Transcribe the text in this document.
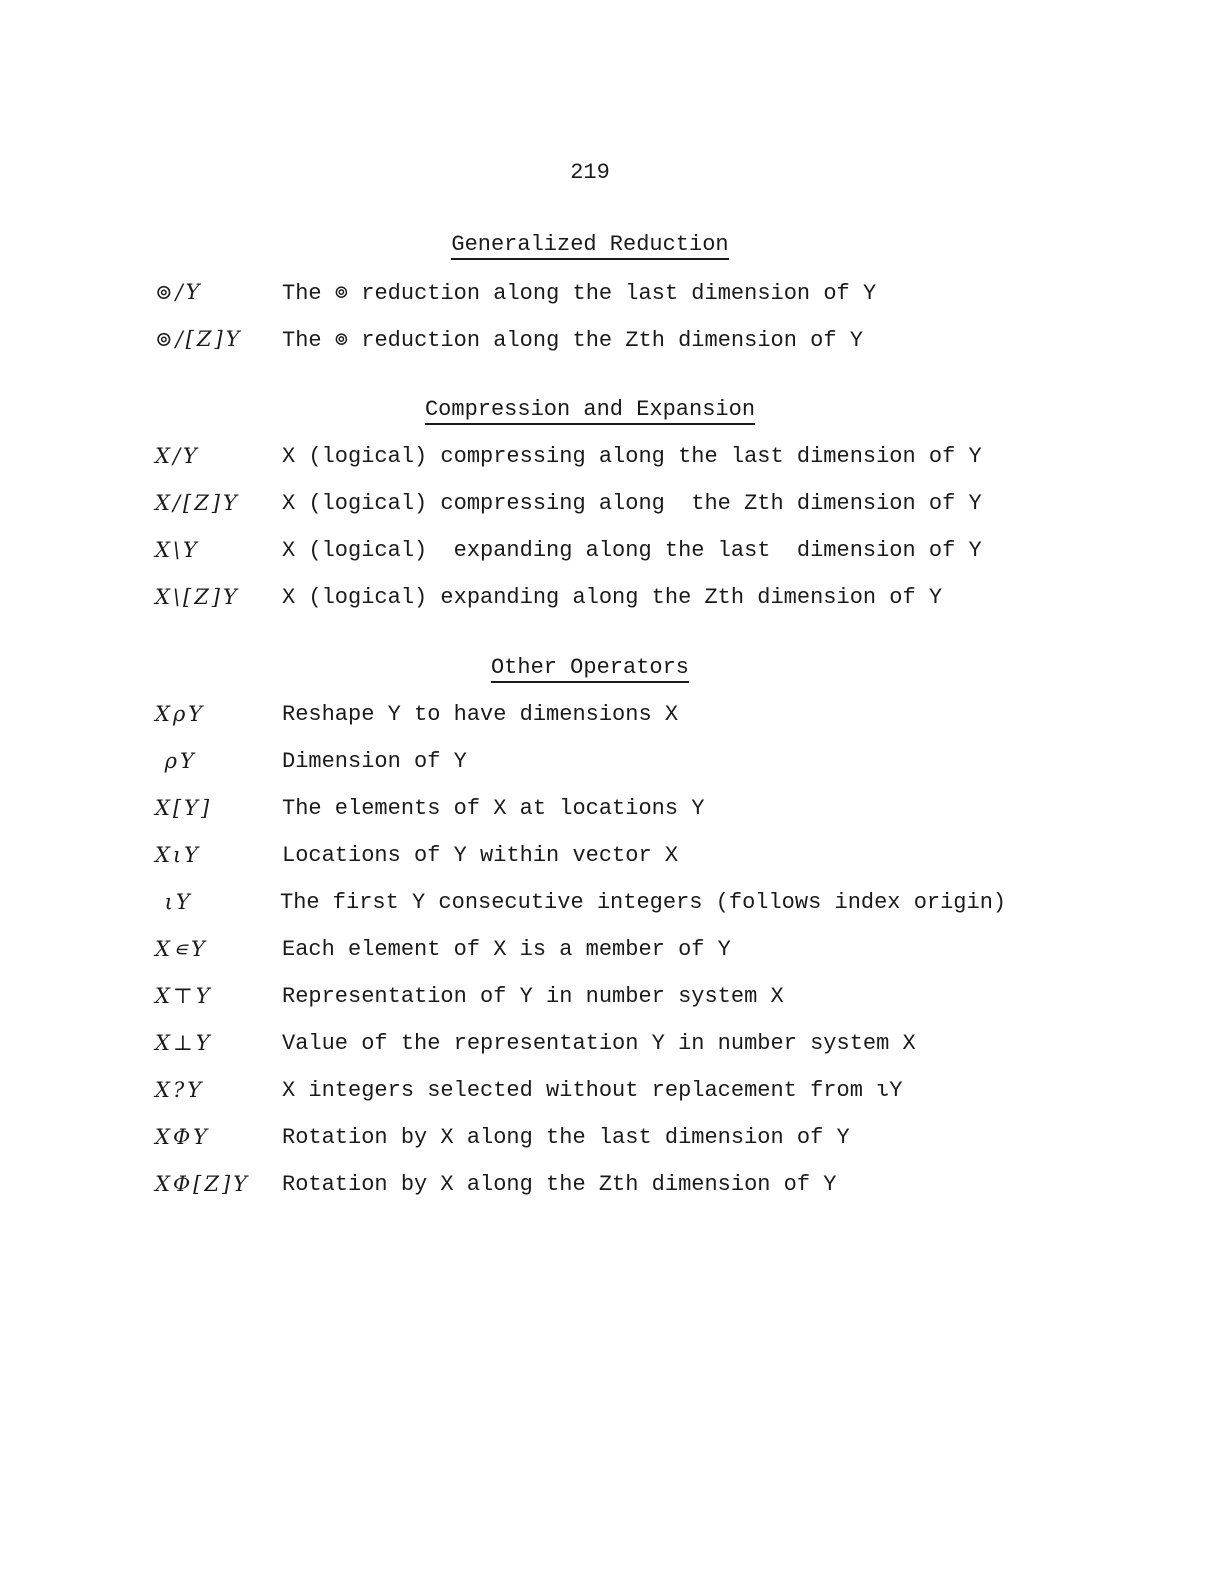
219
Generalized Reduction
⊚/Y	The ⊚ reduction along the last dimension of Y
⊚/[Z]Y The ⊚ reduction along the Zth dimension of Y
Compression and Expansion
X/Y	X (logical) compressing along the last dimension of Y
X/[Z]Y X (logical) compressing along  the Zth dimension of Y
X\Y	X (logical)  expanding along the last  dimension of Y
X\[Z]Y X (logical) expanding along the Zth dimension of Y
Other Operators
XρY	Reshape Y to have dimensions X
ρY	Dimension of Y
X[Y]	The elements of X at locations Y
XιY	Locations of Y within vector X
ιY	The first Y consecutive integers (follows index origin)
X∊Y	Each element of X is a member of Y
X⊤Y	Representation of Y in number system X
X⊥Y	Value of the representation Y in number system X
X?Y	X integers selected without replacement from ιY
XΦY	Rotation by X along the last dimension of Y
XΦ[Z]Y Rotation by X along the Zth dimension of Y
